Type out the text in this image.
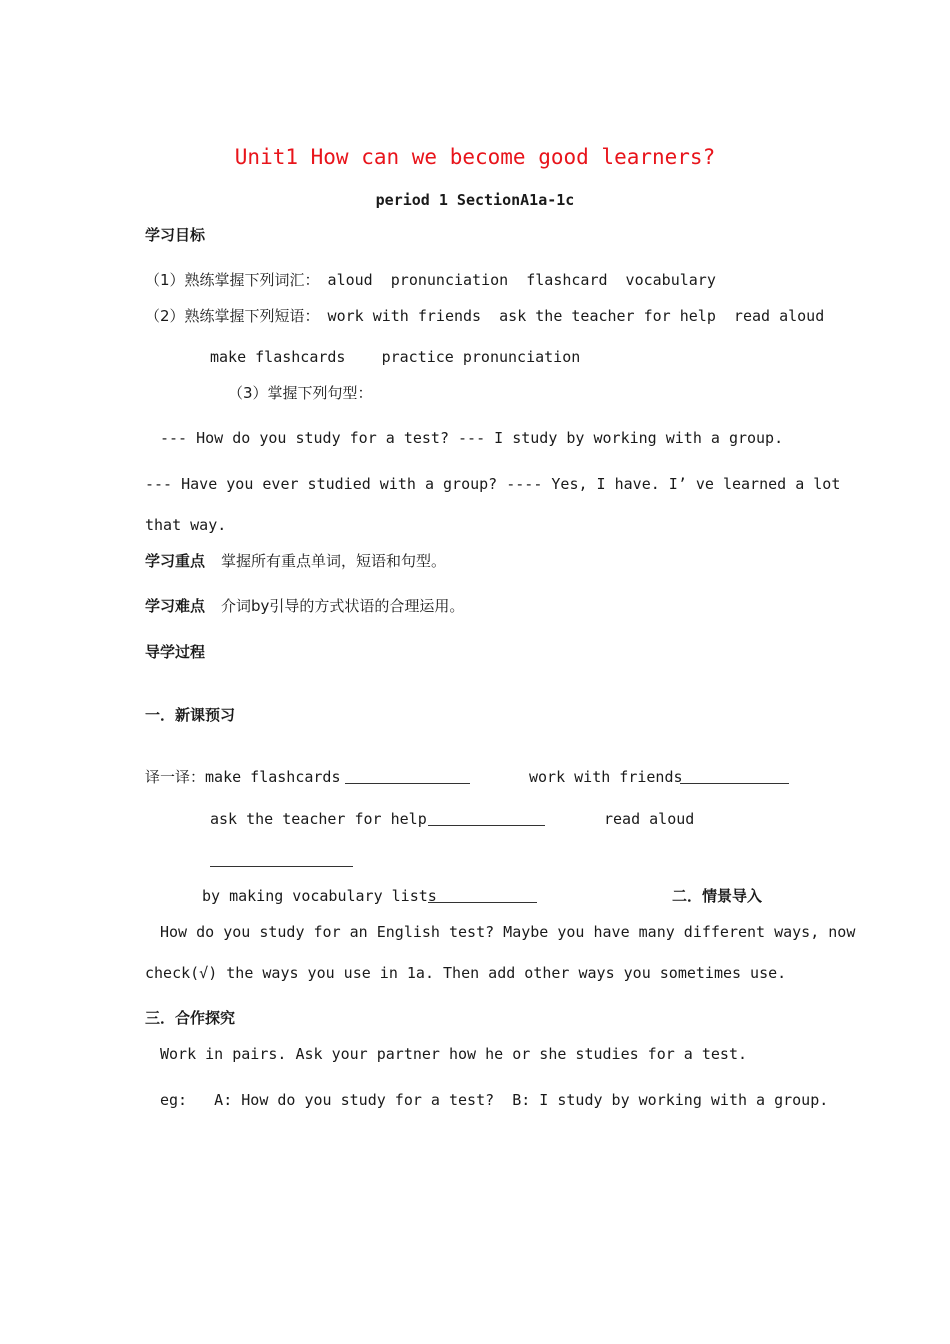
Unit1 How can we become good learners?

period 1 SectionA1a-1c

学习目标

（1）熟练掌握下列词汇： aloud  pronunciation  flashcard  vocabulary

（2）熟练掌握下列短语： work with friends  ask the teacher for help  read aloud

make flashcards    practice pronunciation

（3）掌握下列句型：

--- How do you study for a test? --- I study by working with a group.

--- Have you ever studied with a group? ---- Yes, I have. I’ ve learned a lot

that way.

学习重点 掌握所有重点单词，短语和句型。

学习难点 介词by引导的方式状语的合理运用。

导学过程

一．新课预习

译一译：make flashcards	work with friends

ask the teacher for help	read aloud

by making vocabulary lists	二．情景导入

How do you study for an English test? Maybe you have many different ways, now

check(√) the ways you use in 1a. Then add other ways you sometimes use.

三．合作探究

Work in pairs. Ask your partner how he or she studies for a test.

eg:   A: How do you study for a test?  B: I study by working with a group.
